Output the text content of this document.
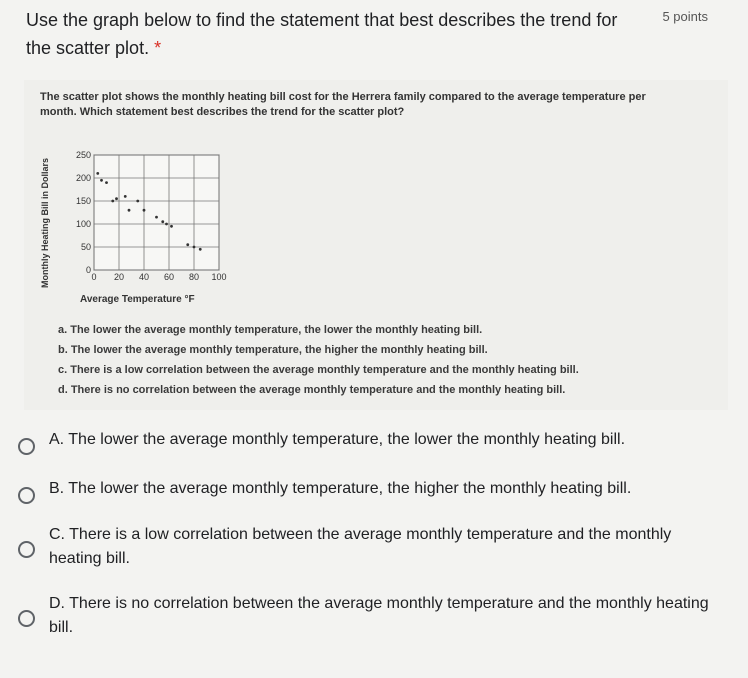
Use the graph below to find the statement that best describes the trend for the scatter plot. *
5 points
The scatter plot shows the monthly heating bill cost for the Herrera family compared to the average temperature per month. Which statement best describes the trend for the scatter plot?
Monthly Heating Bill in Dollars
Average Temperature °F
0 20 40 60 80 100
0
50
100
150
200
250
a. The lower the average monthly temperature, the lower the monthly heating bill.
b. The lower the average monthly temperature, the higher the monthly heating bill.
c. There is a low correlation between the average monthly temperature and the monthly heating bill.
d. There is no correlation between the average monthly temperature and the monthly heating bill.
A. The lower the average monthly temperature, the lower the monthly heating bill.
B. The lower the average monthly temperature, the higher the monthly heating bill.
C. There is a low correlation between the average monthly temperature and the monthly heating bill.
D. There is no correlation between the average monthly temperature and the monthly heating bill.
